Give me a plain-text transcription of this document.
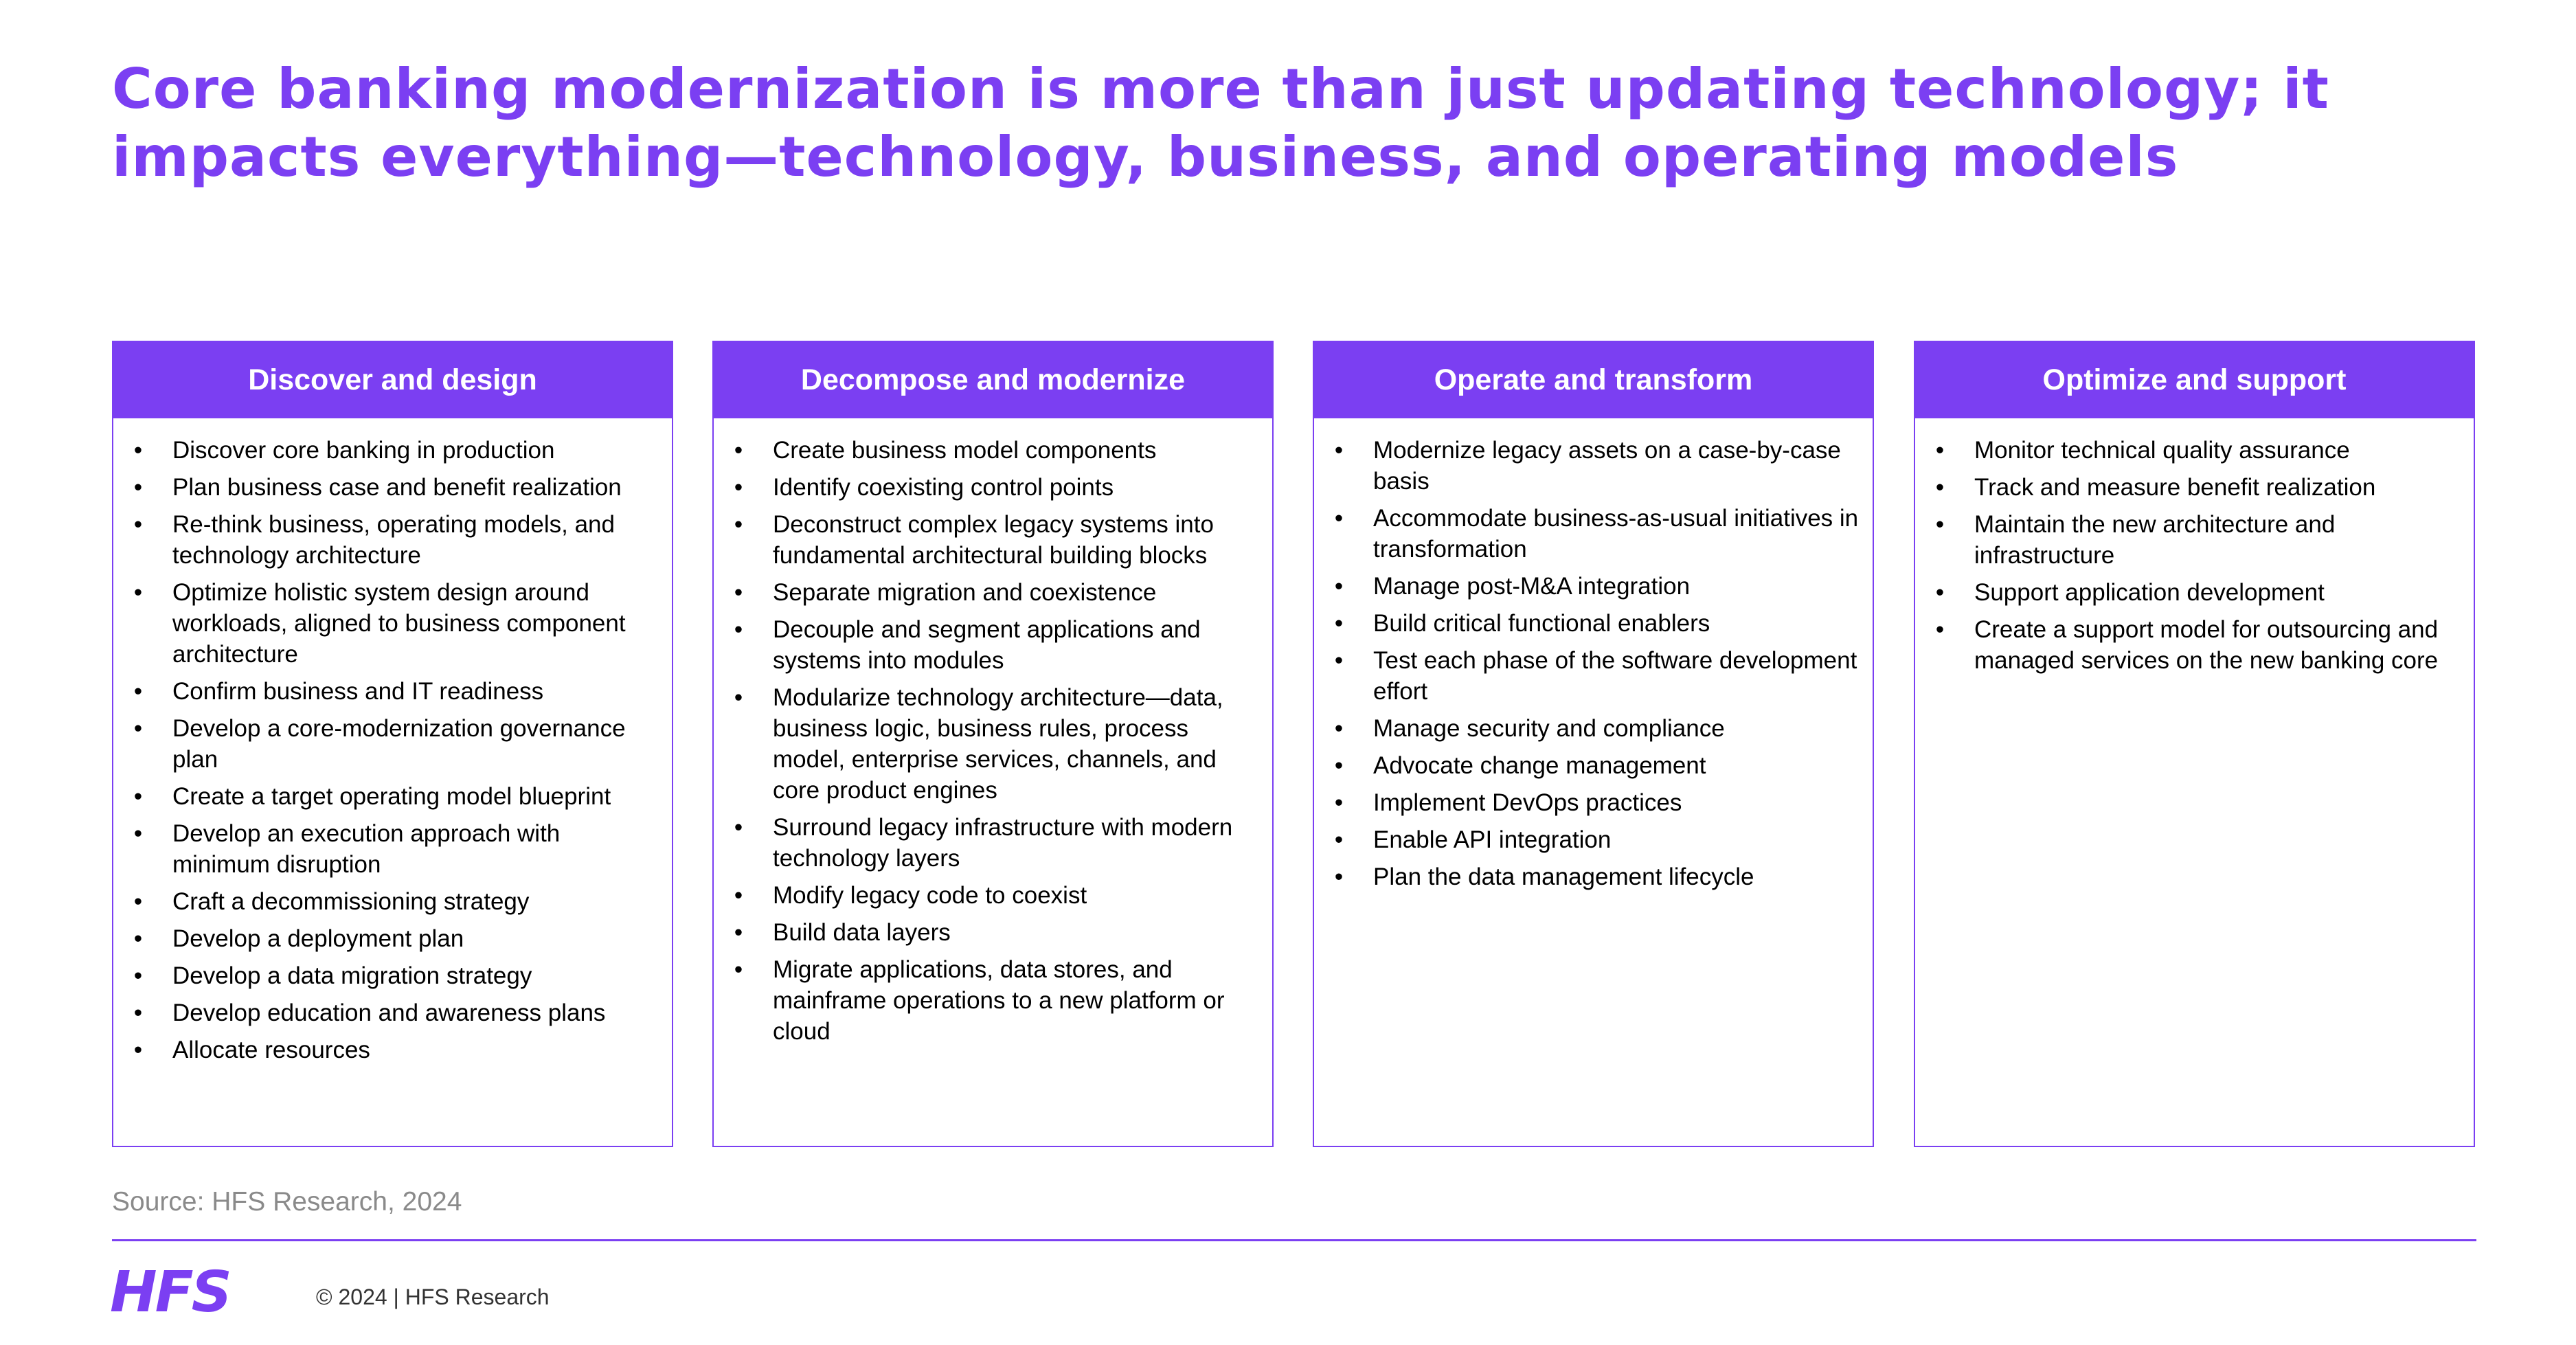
Core banking modernization is more than just updating technology; it impacts everything—technology, business, and operating models
Discover and design
• Discover core banking in production
• Plan business case and benefit realization
• Re-think business, operating models, and technology architecture
• Optimize holistic system design around workloads, aligned to business component architecture
• Confirm business and IT readiness
• Develop a core-modernization governance plan
• Create a target operating model blueprint
• Develop an execution approach with minimum disruption
• Craft a decommissioning strategy
• Develop a deployment plan
• Develop a data migration strategy
• Develop education and awareness plans
• Allocate resources
Decompose and modernize
• Create business model components
• Identify coexisting control points
• Deconstruct complex legacy systems into fundamental architectural building blocks
• Separate migration and coexistence
• Decouple and segment applications and systems into modules
• Modularize technology architecture—data, business logic, business rules, process model, enterprise services, channels, and core product engines
• Surround legacy infrastructure with modern technology layers
• Modify legacy code to coexist
• Build data layers
• Migrate applications, data stores, and mainframe operations to a new platform or cloud
Operate and transform
• Modernize legacy assets on a case-by-case basis
• Accommodate business-as-usual initiatives in transformation
• Manage post-M&A integration
• Build critical functional enablers
• Test each phase of the software development effort
• Manage security and compliance
• Advocate change management
• Implement DevOps practices
• Enable API integration
• Plan the data management lifecycle
Optimize and support
• Monitor technical quality assurance
• Track and measure benefit realization
• Maintain the new architecture and infrastructure
• Support application development
• Create a support model for outsourcing and managed services on the new banking core
Source: HFS Research, 2024
HFS	© 2024 | HFS Research
